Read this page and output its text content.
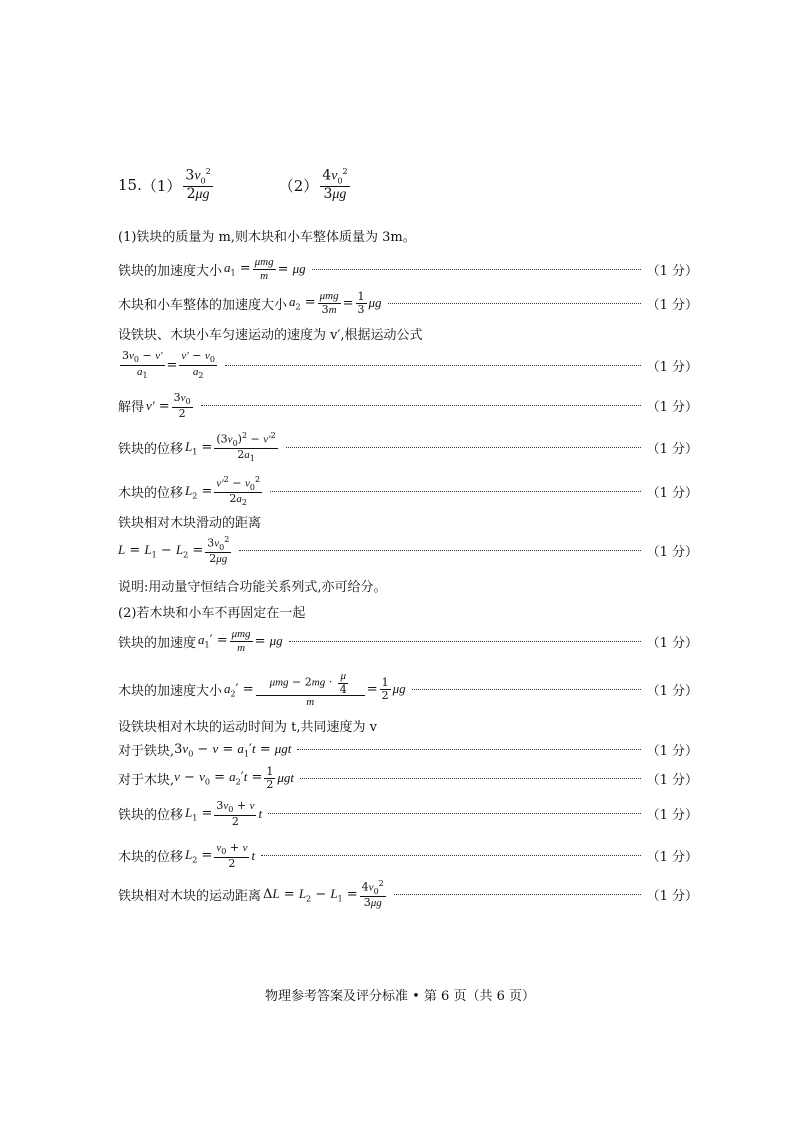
15. $(1) \frac{3v_0^2}{2\mu g}$	$(2) \frac{4v_0^2}{3\mu g}$
(1)铁块的质量为 m,则木块和小车整体质量为 3m。
铁块的加速度大小 $a_1 = \frac{\text{μmg}}{m} = \mu g$	（1 分）
木块和小车整体的加速度大小 $a_2 = \frac{\text{μmg}}{3m} = \frac{1}{3}$ μg	（1 分）
设铁块、木块小车匀速运动的速度为 v′,根据运动公式
$\frac{3v_0 - v'}{a_1} = \frac{v' - v_0}{a_2}$	（1 分）
解得 $v' = \frac{3v_0}{2}$	（1 分）
铁块的位移 $L_1 = \frac{(3v_0)^2 - v'^2}{2a_1}$	（1 分）
木块的位移 $L_2 = \frac{v'^2 - v_0^2}{2a_2}$	（1 分）
铁块相对木块滑动的距离
$L = L_1 - L_2 = \frac{3v_0^2}{2\mu g}$	（1 分）
说明:用动量守恒结合功能关系列式,亦可给分。
(2)若木块和小车不再固定在一起
铁块的加速度 $a_1' = \frac{\text{μmg}}{m} = \mu g$	（1 分）
木块的加速度大小 $a_2' = \frac{\mu mg - 2mg \cdot \frac{\mu}{4}}{m} = \frac{1}{2}$ μg	（1 分）
设铁块相对木块的运动时间为 t,共同速度为 v
对于铁块, $3v_0 - v = a_1't = \mu gt$	（1 分）
对于木块, $v - v_0 = a_2't = \frac{1}{2}$ μgt	（1 分）
铁块的位移 $L_1 = \frac{3v_0 + v}{2}$ t	（1 分）
木块的位移 $L_2 = \frac{v_0 + v}{2}$ t	（1 分）
铁块相对木块的运动距离 $\Delta L = L_2 - L_1 = \frac{4v_0^2}{3\mu g}$	（1 分）
物理参考答案及评分标准 • 第 6 页（共 6 页）
